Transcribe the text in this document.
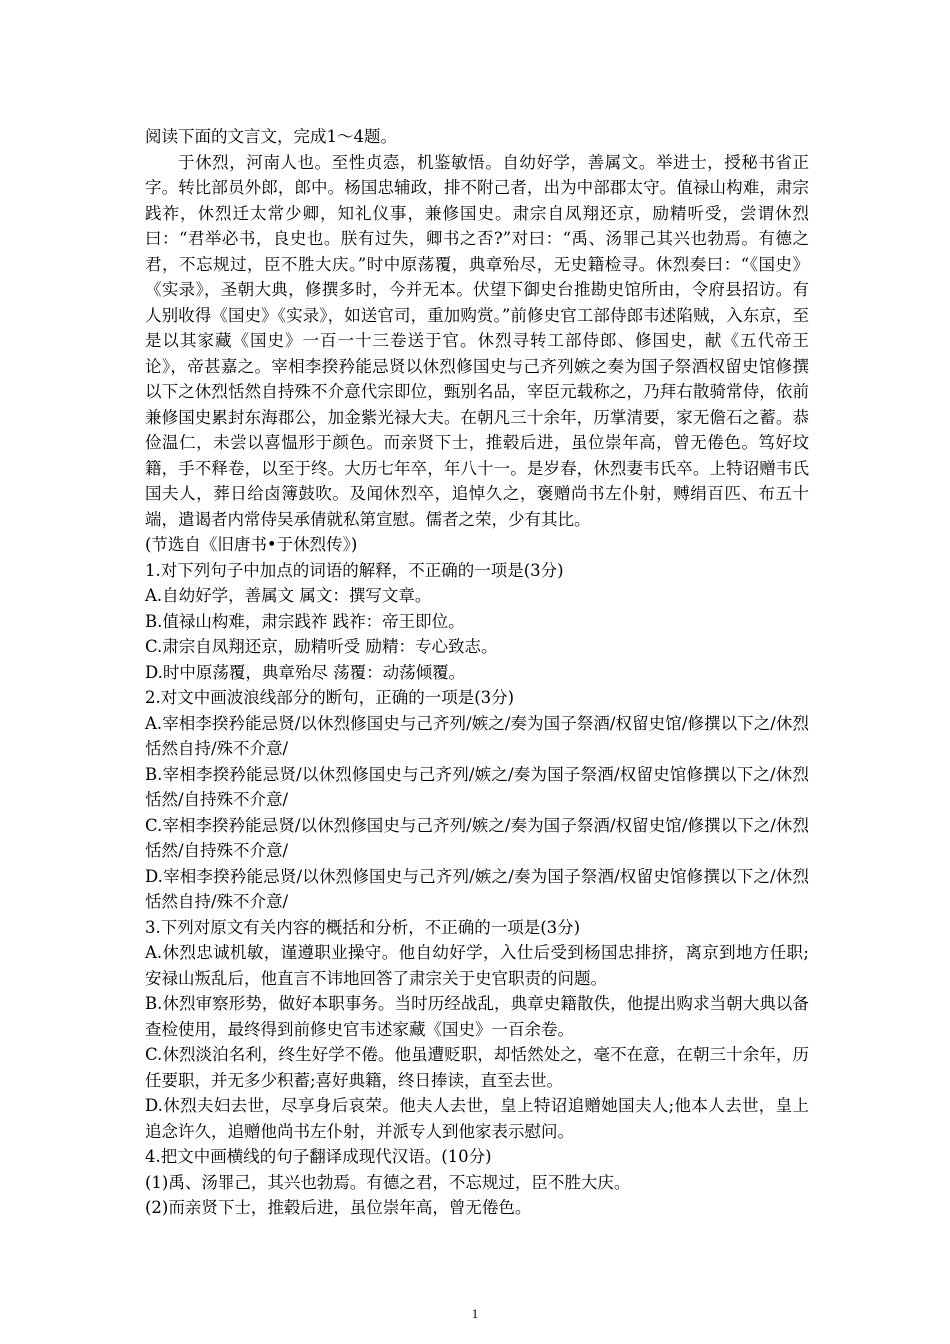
阅读下面的文言文，完成1～4题。

于休烈，河南人也。至性贞悫，机鉴敏悟。自幼好学，善属文。举进士，授秘书省正字。转比部员外郎，郎中。杨国忠辅政，排不附己者，出为中部郡太守。值禄山构难，肃宗践祚，休烈迁太常少卿，知礼仪事，兼修国史。肃宗自凤翔还京，励精听受，尝谓休烈曰：“君举必书，良史也。朕有过失，卿书之否?”对曰：“禹、汤罪己其兴也勃焉。有德之君，不忘规过，臣不胜大庆。”时中原荡覆，典章殆尽，无史籍检寻。休烈奏曰：“《国史》《实录》，圣朝大典，修撰多时，今并无本。伏望下御史台推勘史馆所由，令府县招访。有人别收得《国史》《实录》，如送官司，重加购赏。”前修史官工部侍郎韦述陷贼，入东京，至是以其家藏《国史》一百一十三卷送于官。休烈寻转工部侍郎、修国史，献《五代帝王论》，帝甚嘉之。宰相李揆矜能忌贤以休烈修国史与己齐列嫉之奏为国子祭酒权留史馆修撰以下之休烈恬然自持殊不介意代宗即位，甄别名品，宰臣元载称之，乃拜右散骑常侍，依前兼修国史累封东海郡公，加金紫光禄大夫。在朝凡三十余年，历掌清要，家无儋石之蓄。恭俭温仁，未尝以喜愠形于颜色。而亲贤下士，推毂后进，虽位崇年高，曾无倦色。笃好坟籍，手不释卷，以至于终。大历七年卒，年八十一。是岁春，休烈妻韦氏卒。上特诏赠韦氏国夫人，葬日给卤簿鼓吹。及闻休烈卒，追悼久之，褒赠尚书左仆射，赙绢百匹、布五十端，遣谒者内常侍吴承倩就私第宣慰。儒者之荣，少有其比。

(节选自《旧唐书•于休烈传》)

1.对下列句子中加点的词语的解释，不正确的一项是(3分)

A.自幼好学，善属文 属文：撰写文章。

B.值禄山构难，肃宗践祚 践祚：帝王即位。

C.肃宗自凤翔还京，励精听受 励精：专心致志。

D.时中原荡覆，典章殆尽 荡覆：动荡倾覆。

2.对文中画波浪线部分的断句，正确的一项是(3分)

A.宰相李揆矜能忌贤/以休烈修国史与己齐列/嫉之/奏为国子祭酒/权留史馆/修撰以下之/休烈恬然自持/殊不介意/

B.宰相李揆矜能忌贤/以休烈修国史与己齐列/嫉之/奏为国子祭酒/权留史馆修撰以下之/休烈恬然/自持殊不介意/

C.宰相李揆矜能忌贤/以休烈修国史与己齐列/嫉之/奏为国子祭酒/权留史馆/修撰以下之/休烈恬然/自持殊不介意/

D.宰相李揆矜能忌贤/以休烈修国史与己齐列/嫉之/奏为国子祭酒/权留史馆修撰以下之/休烈恬然自持/殊不介意/

3.下列对原文有关内容的概括和分析，不正确的一项是(3分)

A.休烈忠诚机敏，谨遵职业操守。他自幼好学，入仕后受到杨国忠排挤，离京到地方任职;安禄山叛乱后，他直言不讳地回答了肃宗关于史官职责的问题。

B.休烈审察形势，做好本职事务。当时历经战乱，典章史籍散佚，他提出购求当朝大典以备查检使用，最终得到前修史官韦述家藏《国史》一百余卷。

C.休烈淡泊名利，终生好学不倦。他虽遭贬职，却恬然处之，毫不在意，在朝三十余年，历任要职，并无多少积蓄;喜好典籍，终日捧读，直至去世。

D.休烈夫妇去世，尽享身后哀荣。他夫人去世，皇上特诏追赠她国夫人;他本人去世，皇上追念许久，追赠他尚书左仆射，并派专人到他家表示慰问。

4.把文中画横线的句子翻译成现代汉语。(10分)

(1)禹、汤罪己，其兴也勃焉。有德之君，不忘规过，臣不胜大庆。

(2)而亲贤下士，推毂后进，虽位崇年高，曾无倦色。

1
